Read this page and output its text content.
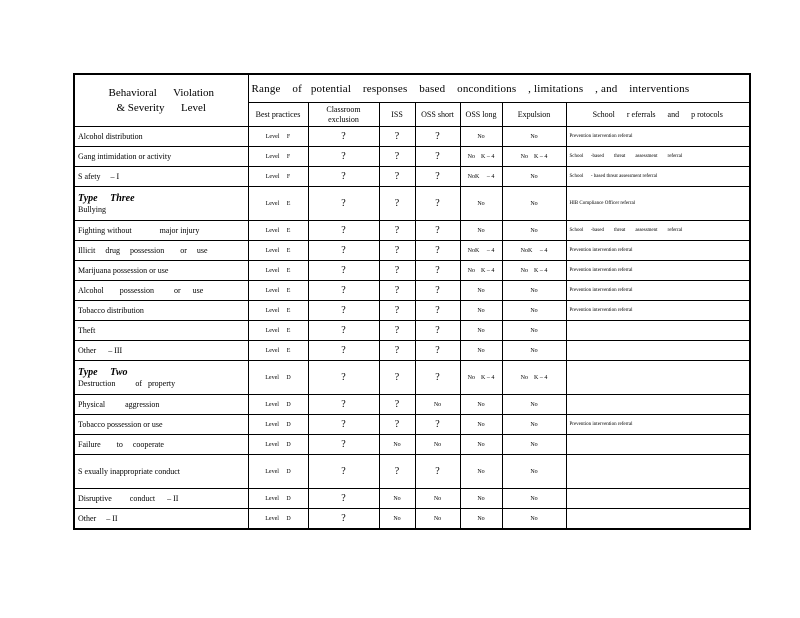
Behavioral      Violation
& Severity      Level	Range    of   potential    responses    based    onconditions    , limitations    , and    interventions						
	Best practices	Classroom exclusion	ISS	OSS short	OSS long	Expulsion	School      r eferrals      and      p rotocols
Alcohol distribution	Level     F	?	?	?	No	No	Prevention intervention referral
Gang intimidation or activity	Level     F	?	?	?	No    K – 4	No    K – 4	School      -based        threat        assessment        referral
S afety     – I	Level     F	?	?	?	NoK     – 4	No	School      - based threat assessment referral

Type     Three
Bullying	Level     E	?	?	?	No	No	HIB Compliance Officer referral
Fighting without              major injury	Level     E	?	?	?	No	No	School      -based        threat        assessment        referral
Illicit     drug     possession        or     use	Level     E	?	?	?	NoK     – 4	NoK     – 4	Prevention intervention referral
Marijuana possession or use	Level     E	?	?	?	No    K – 4	No    K – 4	Prevention intervention referral
Alcohol        possession          or      use	Level     E	?	?	?	No	No	Prevention intervention referral
Tobacco distribution	Level     E	?	?	?	No	No	Prevention intervention referral
Theft	Level     E	?	?	?	No	No	
Other      – III	Level     E	?	?	?	No	No	

Type     Two
Destruction          of   property	Level     D	?	?	?	No    K – 4	No    K – 4	
Physical          aggression	Level     D	?	?	No	No	No	
Tobacco possession or use	Level     D	?	?	?	No	No	Prevention intervention referral
Failure        to     cooperate	Level     D	?	No	No	No	No	
S exually inappropriate conduct	Level     D	?	?	?	No	No	
Disruptive         conduct      – II	Level     D	?	No	No	No	No	
Other     – II	Level     D	?	No	No	No	No	
